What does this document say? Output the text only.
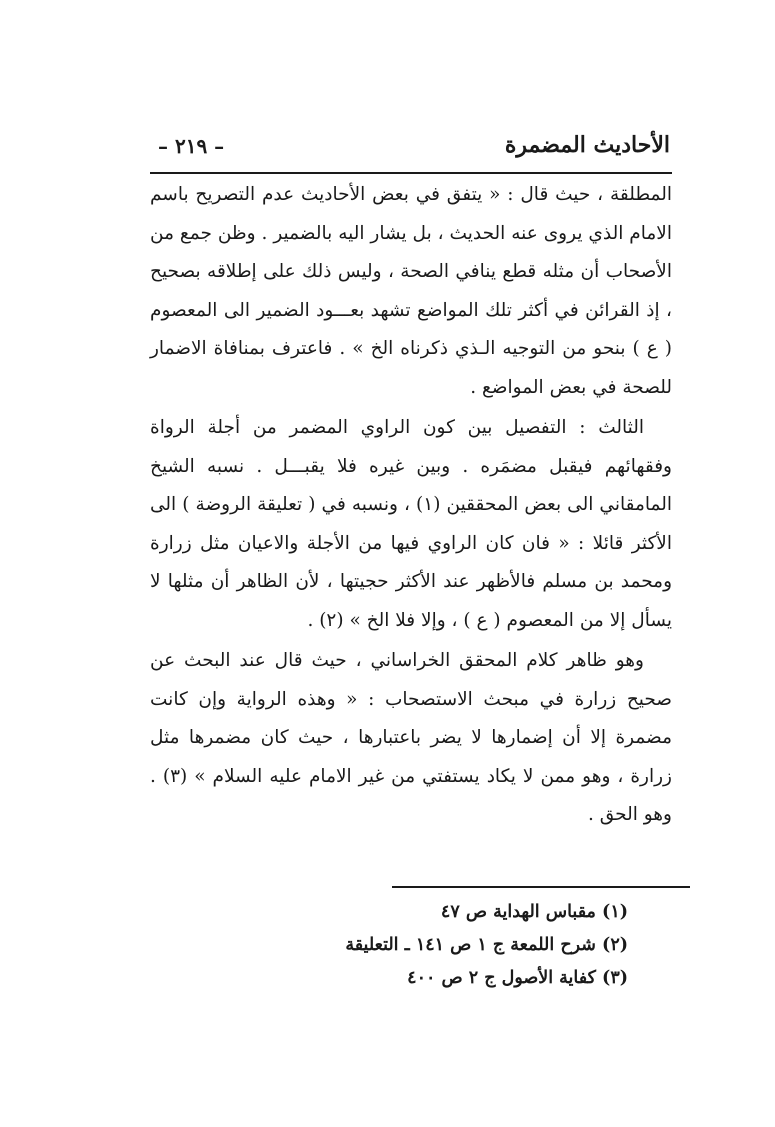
الأحاديث المضمرة
– ٢١٩ –

المطلقة ، حيث قال : « يتفق في بعض الأحاديث عدم التصريح باسم الامام الذي يروى عنه الحديث ، بل يشار اليه بالضمير . وظن جمع من الأصحاب أن مثله قطع ينافي الصحة ، وليس ذلك على إطلاقه بصحيح ، إذ القرائن في أكثر تلك المواضع تشهد بعـــود الضمير الى المعصوم ( ع ) بنحو من التوجيه الـذي ذكرناه الخ » . فاعترف بمنافاة الاضمار للصحة في بعض المواضع .

الثالث : التفصيل بين كون الراوي المضمر من أجلة الرواة وفقهائهم فيقبل مضمَره . وبين غيره فلا يقبـــل . نسبه الشيخ المامقاني الى بعض المحققين (١) ، ونسبه في ( تعليقة الروضة ) الى الأكثر قائلا : « فان كان الراوي فيها من الأجلة والاعيان مثل زرارة ومحمد بن مسلم فالأظهر عند الأكثر حجيتها ، لأن الظاهر أن مثلها لا يسأل إلا من المعصوم ( ع ) ، وإلا فلا الخ » (٢) .

وهو ظاهر كلام المحقق الخراساني ، حيث قال عند البحث عن صحيح زرارة في مبحث الاستصحاب : « وهذه الرواية وإن كانت مضمرة إلا أن إضمارها لا يضر باعتبارها ، حيث كان مضمرها مثل زرارة ، وهو ممن لا يكاد يستفتي من غير الامام عليه السلام » (٣) . وهو الحق .

(١) مقباس الهداية ص ٤٧
(٢) شرح اللمعة ج ١ ص ١٤١ ـ التعليقة
(٣) كفاية الأصول ج ٢ ص ٤٠٠
